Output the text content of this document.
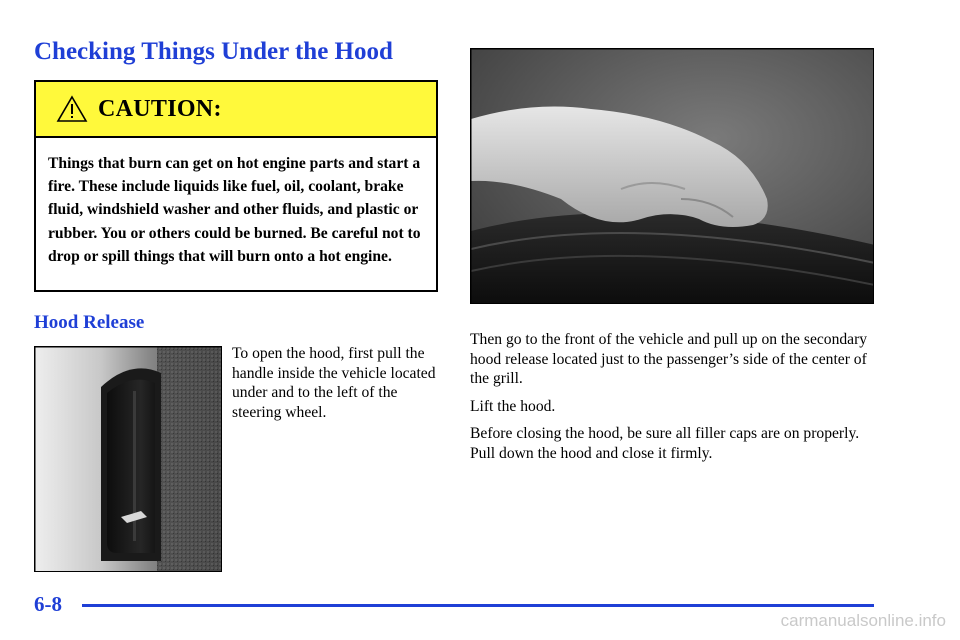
Checking Things Under the Hood
CAUTION:

Things that burn can get on hot engine parts and start a fire. These include liquids like fuel, oil, coolant, brake fluid, windshield washer and other fluids, and plastic or rubber. You or others could be burned. Be careful not to drop or spill things that will burn onto a hot engine.

Hood Release

To open the hood, first pull the handle inside the vehicle located under and to the left of the steering wheel.

Then go to the front of the vehicle and pull up on the secondary hood release located just to the passenger’s side of the center of the grill.

Lift the hood.

Before closing the hood, be sure all filler caps are on properly. Pull down the hood and close it firmly.

6-8
carmanualsonline.info
